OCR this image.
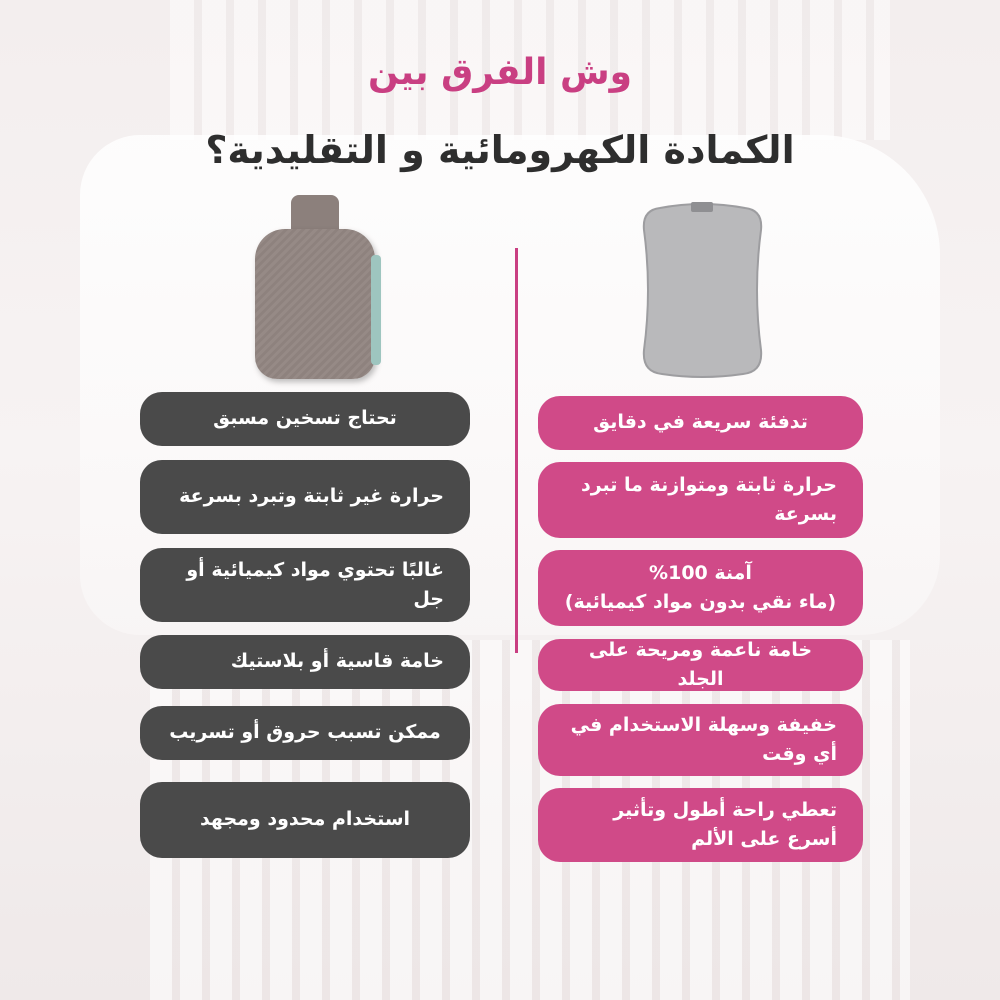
وش الفرق بين
الكمادة الكهرومائية و التقليدية؟
تحتاج تسخين مسبق
حرارة غير ثابتة وتبرد بسرعة
غالبًا تحتوي مواد كيميائية أو جل
خامة قاسية أو بلاستيك
ممكن تسبب حروق أو تسريب
استخدام محدود ومجهد
تدفئة سريعة في دقايق
حرارة ثابتة ومتوازنة ما تبرد بسرعة
آمنة 100%
(ماء نقي بدون مواد كيميائية)
خامة ناعمة ومريحة على الجلد
خفيفة وسهلة الاستخدام في أي وقت
تعطي راحة أطول وتأثير أسرع على الألم
